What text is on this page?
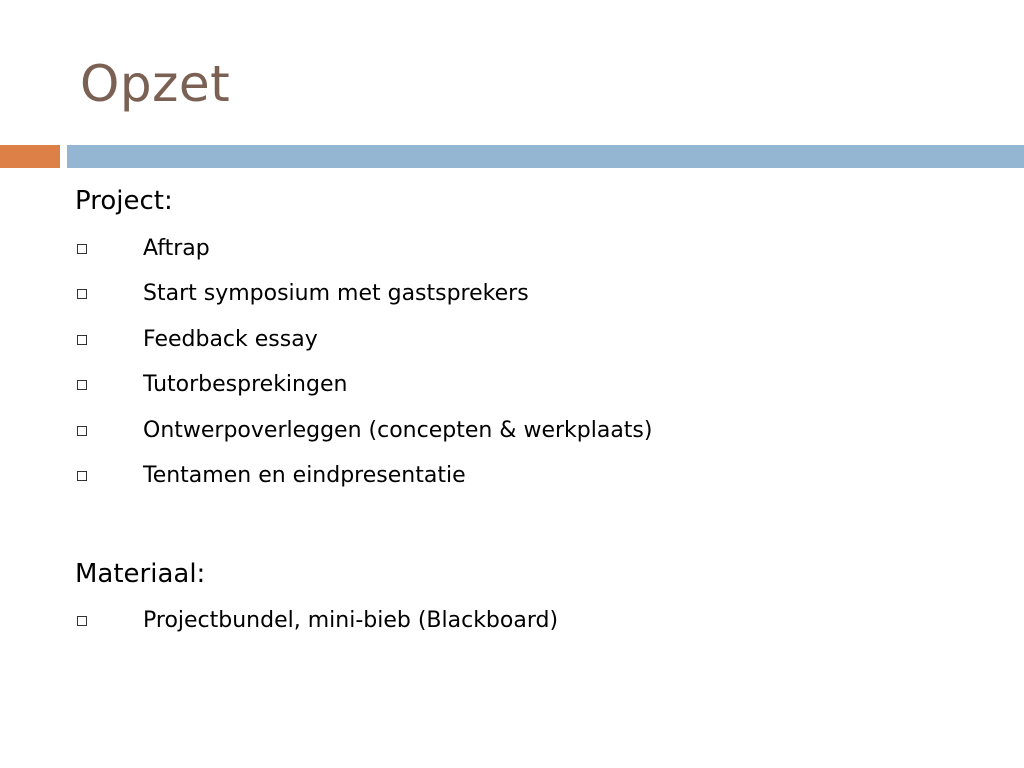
Opzet
Project:
Aftrap
Start symposium met gastsprekers
Feedback essay
Tutorbesprekingen
Ontwerpoverleggen (concepten & werkplaats)
Tentamen en eindpresentatie
Materiaal:
Projectbundel, mini-bieb (Blackboard)
